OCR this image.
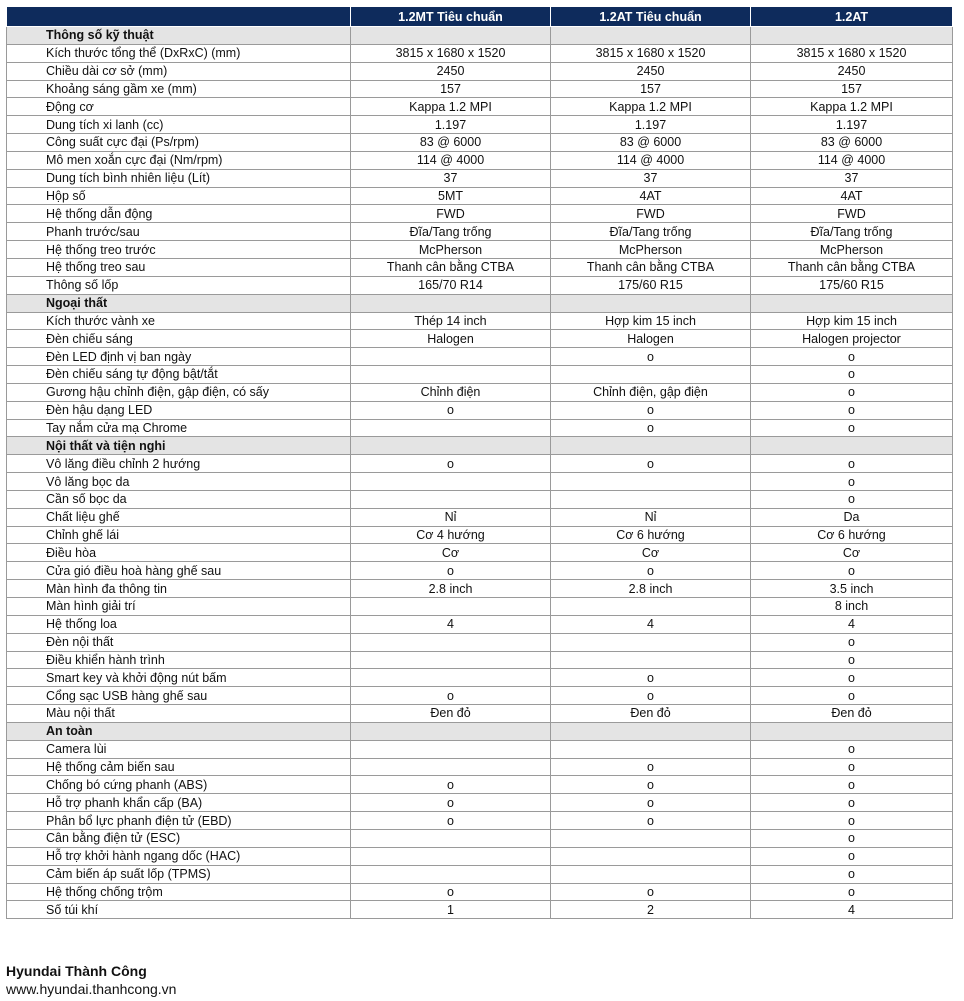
	1.2MT Tiêu chuẩn	1.2AT Tiêu chuẩn	1.2AT
Thông số kỹ thuật			
Kích thước tổng thể (DxRxC) (mm)	3815 x 1680 x 1520	3815 x 1680 x 1520	3815 x 1680 x 1520
Chiều dài cơ sở (mm)	2450	2450	2450
Khoảng sáng gầm xe (mm)	157	157	157
Động cơ	Kappa 1.2 MPI	Kappa 1.2 MPI	Kappa 1.2 MPI
Dung tích xi lanh (cc)	1.197	1.197	1.197
Công suất cực đại (Ps/rpm)	83 @ 6000	83 @ 6000	83 @ 6000
Mô men xoắn cực đại (Nm/rpm)	114 @ 4000	114 @ 4000	114 @ 4000
Dung tích bình nhiên liệu (Lít)	37	37	37
Hộp số	5MT	4AT	4AT
Hệ thống dẫn động	FWD	FWD	FWD
Phanh trước/sau	Đĩa/Tang trống	Đĩa/Tang trống	Đĩa/Tang trống
Hệ thống treo trước	McPherson	McPherson	McPherson
Hệ thống treo sau	Thanh cân bằng CTBA	Thanh cân bằng CTBA	Thanh cân bằng CTBA
Thông số lốp	165/70 R14	175/60 R15	175/60 R15
Ngoại thất			
Kích thước vành xe	Thép 14 inch	Hợp kim 15 inch	Hợp kim 15 inch
Đèn chiếu sáng	Halogen	Halogen	Halogen projector
Đèn LED định vị ban ngày		o	o
Đèn chiếu sáng tự động bật/tắt			o
Gương hậu chỉnh điện, gập điện, có sấy	Chỉnh điện	Chỉnh điện, gập điện	o
Đèn hậu dạng LED	o	o	o
Tay nắm cửa mạ Chrome		o	o
Nội thất và tiện nghi			
Vô lăng điều chỉnh 2 hướng	o	o	o
Vô lăng bọc da			o
Cần số bọc da			o
Chất liệu ghế	Nỉ	Nỉ	Da
Chỉnh ghế lái	Cơ 4 hướng	Cơ 6 hướng	Cơ 6 hướng
Điều hòa	Cơ	Cơ	Cơ
Cửa gió điều hoà hàng ghế sau	o	o	o
Màn hình đa thông tin	2.8 inch	2.8 inch	3.5 inch
Màn hình giải trí			8 inch
Hệ thống loa	4	4	4
Đèn nội thất			o
Điều khiển hành trình			o
Smart key và khởi động nút bấm		o	o
Cổng sạc USB hàng ghế sau	o	o	o
Màu nội thất	Đen đỏ	Đen đỏ	Đen đỏ
An toàn			
Camera lùi			o
Hệ thống cảm biến sau		o	o
Chống bó cứng phanh (ABS)	o	o	o
Hỗ trợ phanh khẩn cấp (BA)	o	o	o
Phân bổ lực phanh điện tử (EBD)	o	o	o
Cân bằng điện tử (ESC)			o
Hỗ trợ khởi hành ngang dốc (HAC)			o
Cảm biến áp suất lốp (TPMS)			o
Hệ thống chống trộm	o	o	o
Số túi khí	1	2	4
Hyundai Thành Công
www.hyundai.thanhcong.vn
